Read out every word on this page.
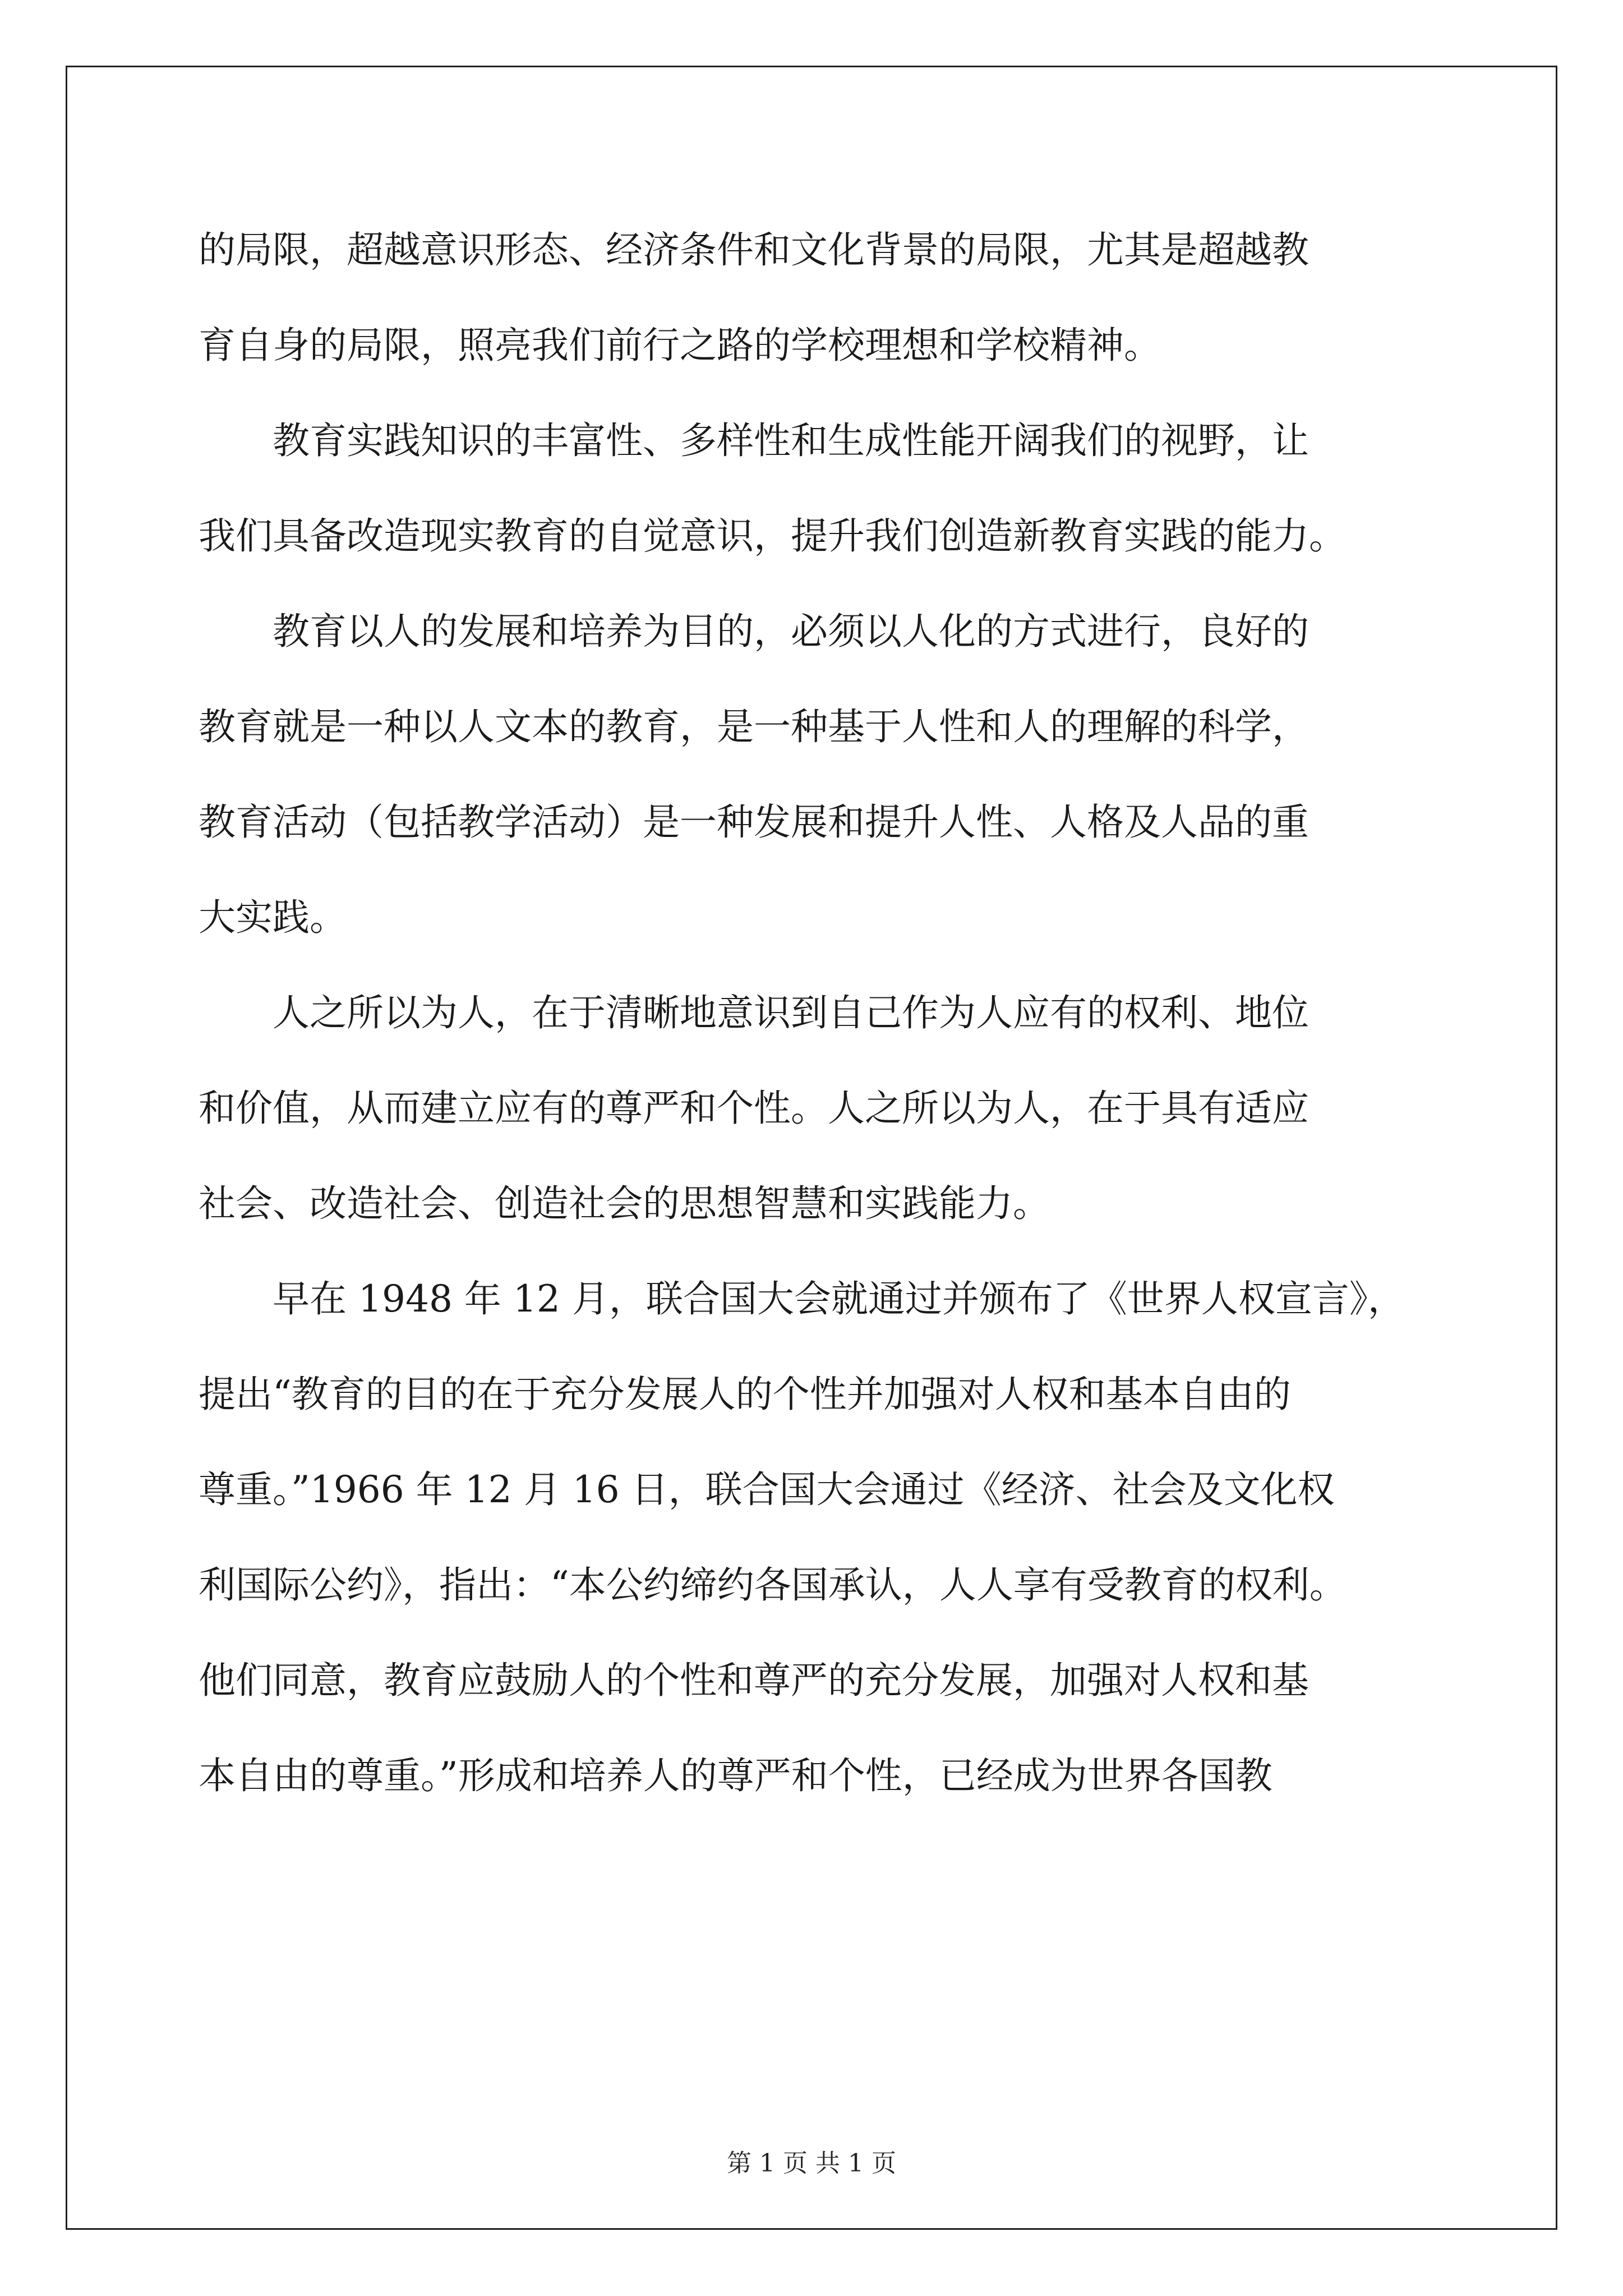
的局限，超越意识形态、经济条件和文化背景的局限，尤其是超越教
育自身的局限，照亮我们前行之路的学校理想和学校精神。
教育实践知识的丰富性、多样性和生成性能开阔我们的视野，让
我们具备改造现实教育的自觉意识，提升我们创造新教育实践的能力。
教育以人的发展和培养为目的，必须以人化的方式进行，良好的
教育就是一种以人文本的教育，是一种基于人性和人的理解的科学，
教育活动（包括教学活动）是一种发展和提升人性、人格及人品的重
大实践。
人之所以为人，在于清晰地意识到自己作为人应有的权利、地位
和价值，从而建立应有的尊严和个性。人之所以为人，在于具有适应
社会、改造社会、创造社会的思想智慧和实践能力。
早在 1948 年 12 月，联合国大会就通过并颁布了《世界人权宣言》，
提出“教育的目的在于充分发展人的个性并加强对人权和基本自由的
尊重。”1966 年 12 月 16 日，联合国大会通过《经济、社会及文化权
利国际公约》，指出：“本公约缔约各国承认，人人享有受教育的权利。
他们同意，教育应鼓励人的个性和尊严的充分发展，加强对人权和基
本自由的尊重。”形成和培养人的尊严和个性，已经成为世界各国教
第 1 页 共 1 页
